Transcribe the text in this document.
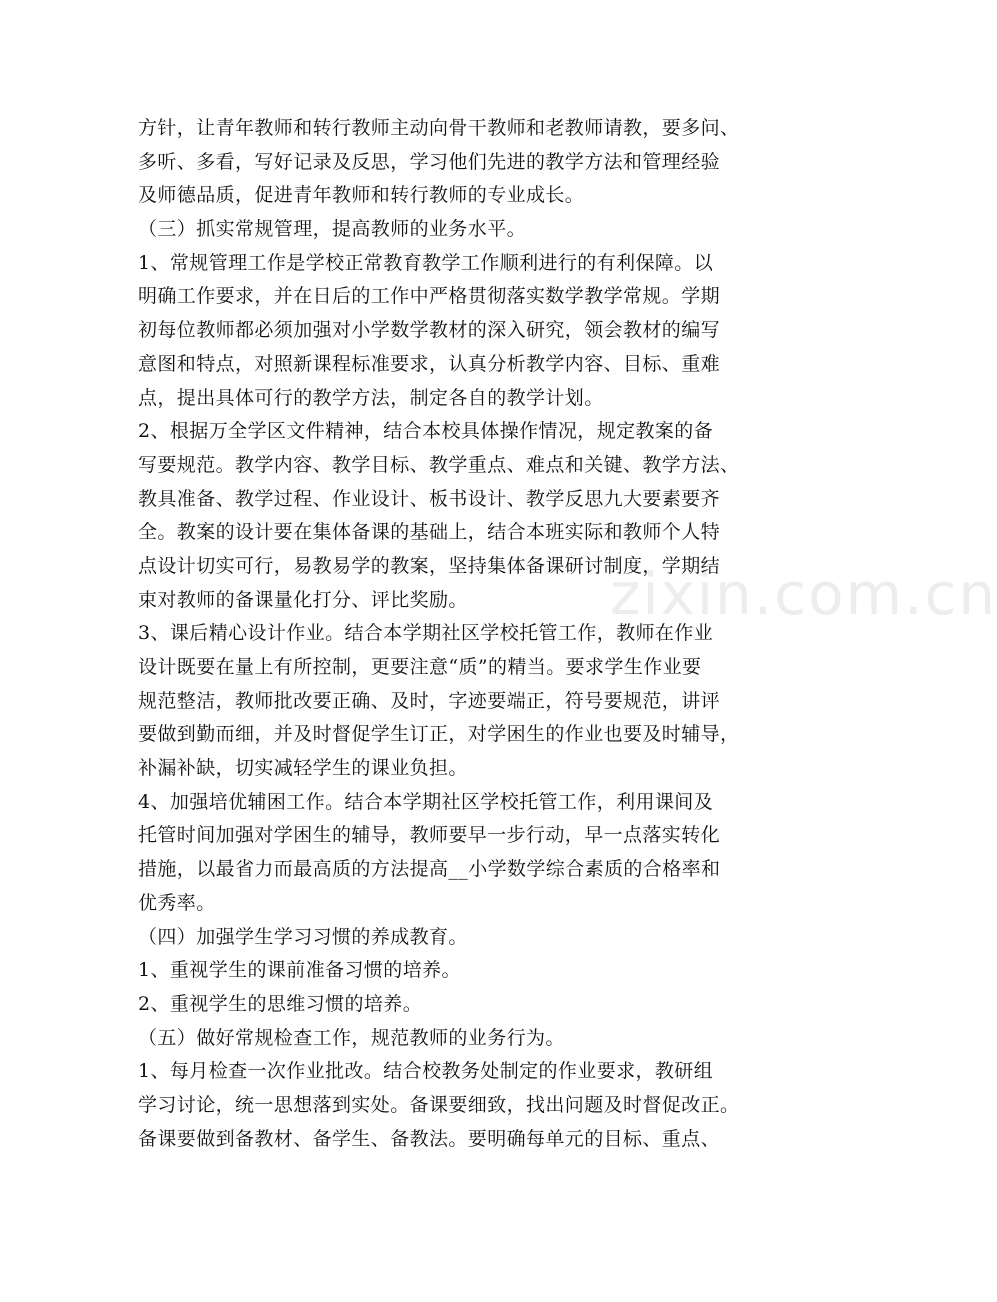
zixin.com.cn
方针，让青年教师和转行教师主动向骨干教师和老教师请教，要多问、
多听、多看，写好记录及反思，学习他们先进的教学方法和管理经验
及师德品质，促进青年教师和转行教师的专业成长。
（三）抓实常规管理，提高教师的业务水平。
1、常规管理工作是学校正常教育教学工作顺利进行的有利保障。以
明确工作要求，并在日后的工作中严格贯彻落实数学教学常规。学期
初每位教师都必须加强对小学数学教材的深入研究，领会教材的编写
意图和特点，对照新课程标准要求，认真分析教学内容、目标、重难
点，提出具体可行的教学方法，制定各自的教学计划。
2、根据万全学区文件精神，结合本校具体操作情况，规定教案的备
写要规范。教学内容、教学目标、教学重点、难点和关键、教学方法、
教具准备、教学过程、作业设计、板书设计、教学反思九大要素要齐
全。教案的设计要在集体备课的基础上，结合本班实际和教师个人特
点设计切实可行，易教易学的教案，坚持集体备课研讨制度，学期结
束对教师的备课量化打分、评比奖励。
3、课后精心设计作业。结合本学期社区学校托管工作，教师在作业
设计既要在量上有所控制，更要注意“质”的精当。要求学生作业要
规范整洁，教师批改要正确、及时，字迹要端正，符号要规范，讲评
要做到勤而细，并及时督促学生订正，对学困生的作业也要及时辅导，
补漏补缺，切实减轻学生的课业负担。
4、加强培优辅困工作。结合本学期社区学校托管工作，利用课间及
托管时间加强对学困生的辅导，教师要早一步行动，早一点落实转化
措施，以最省力而最高质的方法提高__小学数学综合素质的合格率和
优秀率。
（四）加强学生学习习惯的养成教育。
1、重视学生的课前准备习惯的培养。
2、重视学生的思维习惯的培养。
（五）做好常规检查工作，规范教师的业务行为。
1、每月检查一次作业批改。结合校教务处制定的作业要求，教研组
学习讨论，统一思想落到实处。备课要细致，找出问题及时督促改正。
备课要做到备教材、备学生、备教法。要明确每单元的目标、重点、
